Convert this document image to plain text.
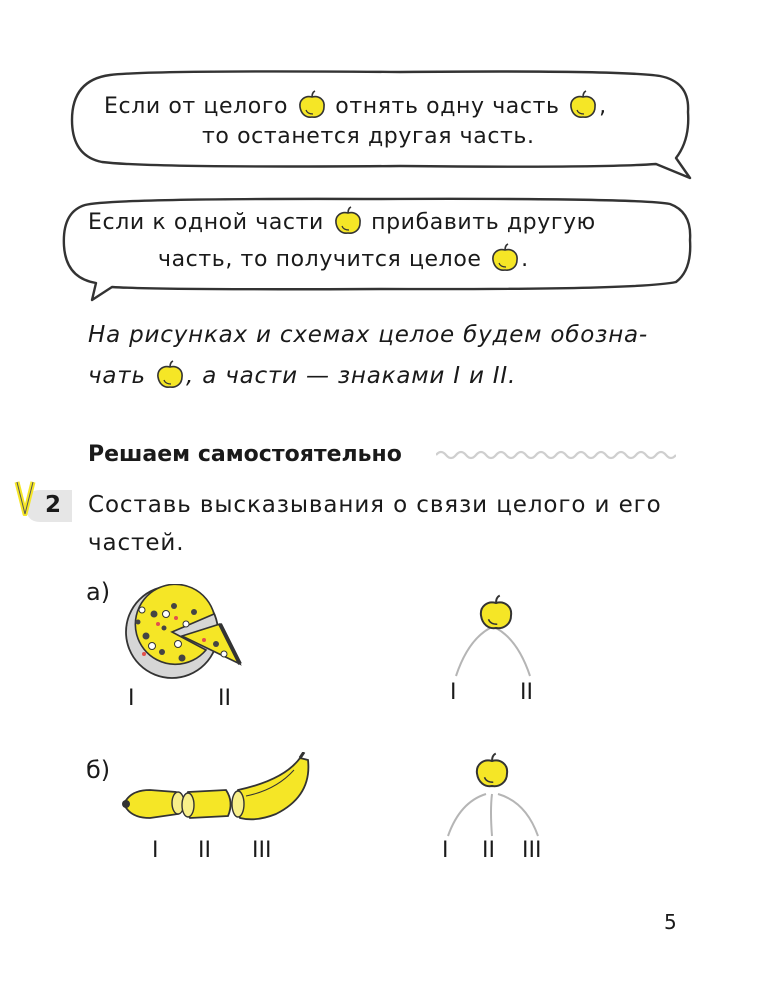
Если от целого отнять одну часть ,
то останется другая часть.
Если к одной части прибавить другую
часть, то получится целое .
На рисунках и схемах целое будем обозна-
чать , а части — знаками I и II.
Решаем самостоятельно
2 Составь высказывания о связи целого и его
частей.
а)
I	II	I	II
б)
I II III	I II III
5
